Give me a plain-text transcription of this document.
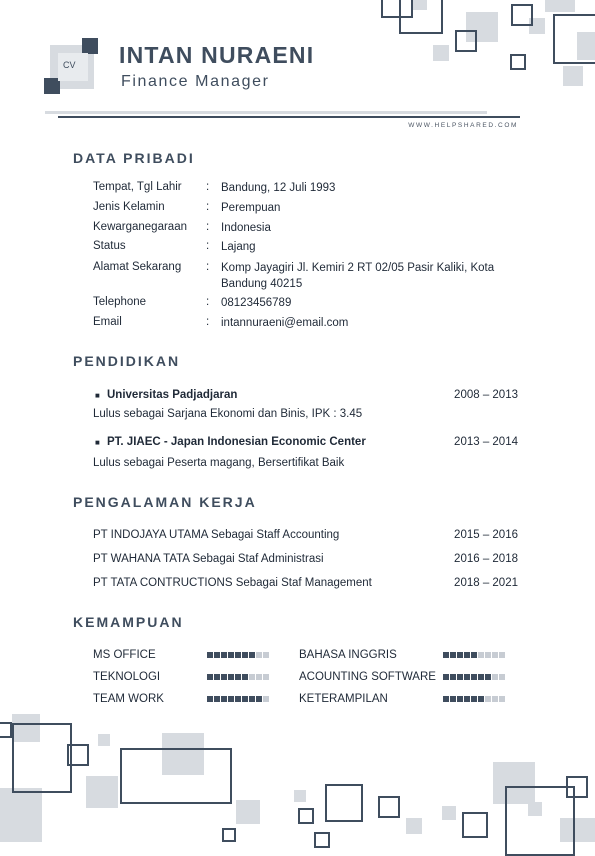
CV INTAN NURAENI
Finance Manager
WWW.HELPSHARED.COM
DATA PRIBADI
Tempat, Tgl Lahir : Bandung, 12 Juli 1993
Jenis Kelamin	: Perempuan
Kewarganegaraan : Indonesia
Status	: Lajang
Alamat Sekarang : Komp Jayagiri Jl. Kemiri 2 RT 02/05 Pasir Kaliki, Kota
Bandung 40215
Telephone	: 08123456789
Email	: intannuraeni@email.com
PENDIDIKAN
■ Universitas Padjadjaran	2008 – 2013
Lulus sebagai Sarjana Ekonomi dan Binis, IPK : 3.45
■ PT. JIAEC - Japan Indonesian Economic Center	2013 – 2014
Lulus sebagai Peserta magang, Bersertifikat Baik
PENGALAMAN KERJA
PT INDOJAYA UTAMA Sebagai Staff Accounting	2015 – 2016
PT WAHANA TATA Sebagai Staf Administrasi	2016 – 2018
PT TATA CONTRUCTIONS Sebagai Staf Management	2018 – 2021
KEMAMPUAN
MS OFFICE	BAHASA INGGRIS
TEKNOLOGI	ACOUNTING SOFTWARE
TEAM WORK	KETERAMPILAN
